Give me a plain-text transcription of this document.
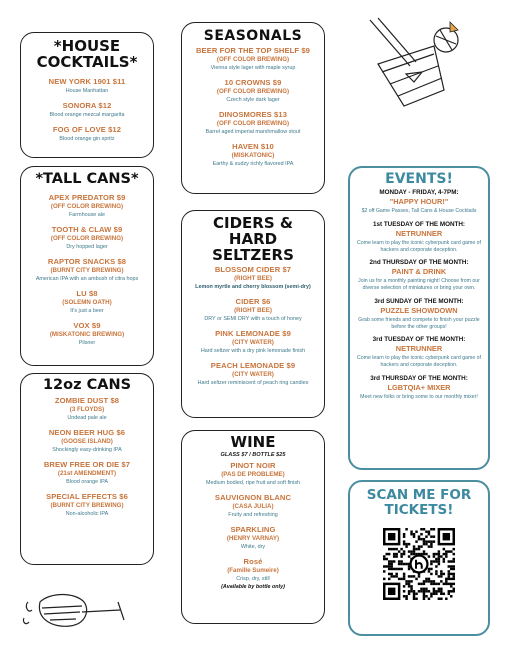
*HOUSE COCKTAILS*
NEW YORK 1901 $11
House Manhattan
SONORA $12
Blood orange mezcal margarita
FOG OF LOVE $12
Blood orange gin spritz
*TALL CANS*
APEX PREDATOR $9
(OFF COLOR BREWING)
Farmhouse ale
TOOTH & CLAW $9
(OFF COLOR BREWING)
Dry hopped lager
RAPTOR SNACKS $8
(BURNT CITY BREWING)
American IPA with an ambush of citra hops
LU $8
(SOLEMN OATH)
It's just a beer
VOX $9
(MISKATONIC BREWING)
Pilsner
12oz CANS
ZOMBIE DUST $8
(3 FLOYDS)
Undead pale ale
NEON BEER HUG $6
(GOOSE ISLAND)
Shockingly easy-drinking IPA
BREW FREE OR DIE $7
(21st AMENDMENT)
Blood orange IPA
SPECIAL EFFECTS $6
(BURNT CITY BREWING)
Non-alcoholic IPA
SEASONALS
BEER FOR THE TOP SHELF $9
(OFF COLOR BREWING)
Vienna style lager with maple syrup
10 CROWNS $9
(OFF COLOR BREWING)
Czech style dark lager
DINOSMORES $13
(OFF COLOR BREWING)
Barrel aged imperial marshmallow stout
HAVEN $10
(MISKATONIC)
Earthy & sudzy richly flavored IPA
CIDERS & HARD SELTZERS
BLOSSOM CIDER $7
(RIGHT BEE)
Lemon myrtle and cherry blossom (semi-dry)
CIDER $6
(RIGHT BEE)
DRY or SEMI DRY with a touch of honey
PINK LEMONADE $9
(CITY WATER)
Hard seltzer with a dry pink lemonade finish
PEACH LEMONADE $9
(CITY WATER)
Hard seltzer reminiscent of peach ring candies
WINE
GLASS $7 / BOTTLE $25
PINOT NOIR
(PAS DE PROBLEME)
Medium bodied, ripe fruit and soft finish
SAUVIGNON BLANC
(CASA JULIA)
Fruity and refreshing
SPARKLING
(HENRY VARNAY)
White, dry
Rosé
(Famille Sumeire)
Crisp, dry, still
(Available by bottle only)
EVENTS!
MONDAY - FRIDAY, 4-7PM:
"HAPPY HOUR!"
$2 off Game Passes, Tall Cans & House Cocktails
1st TUESDAY OF THE MONTH:
NETRUNNER
Come learn to play the iconic cyberpunk card game of hackers and corporate deception.
2nd THURSDAY OF THE MONTH:
PAINT & DRINK
Join us for a monthly painting night! Choose from our diverse selection of miniatures or bring your own.
3rd SUNDAY OF THE MONTH:
PUZZLE SHOWDOWN
Grab some friends and compete to finish your puzzle before the other groups!
3rd TUESDAY OF THE MONTH:
NETRUNNER
Come learn to play the iconic cyberpunk card game of hackers and corporate deception.
3rd THURSDAY OF THE MONTH:
LGBTQIA+ MIXER
Meet new folks or bring some to our monthly mixer!
SCAN ME FOR TICKETS!
